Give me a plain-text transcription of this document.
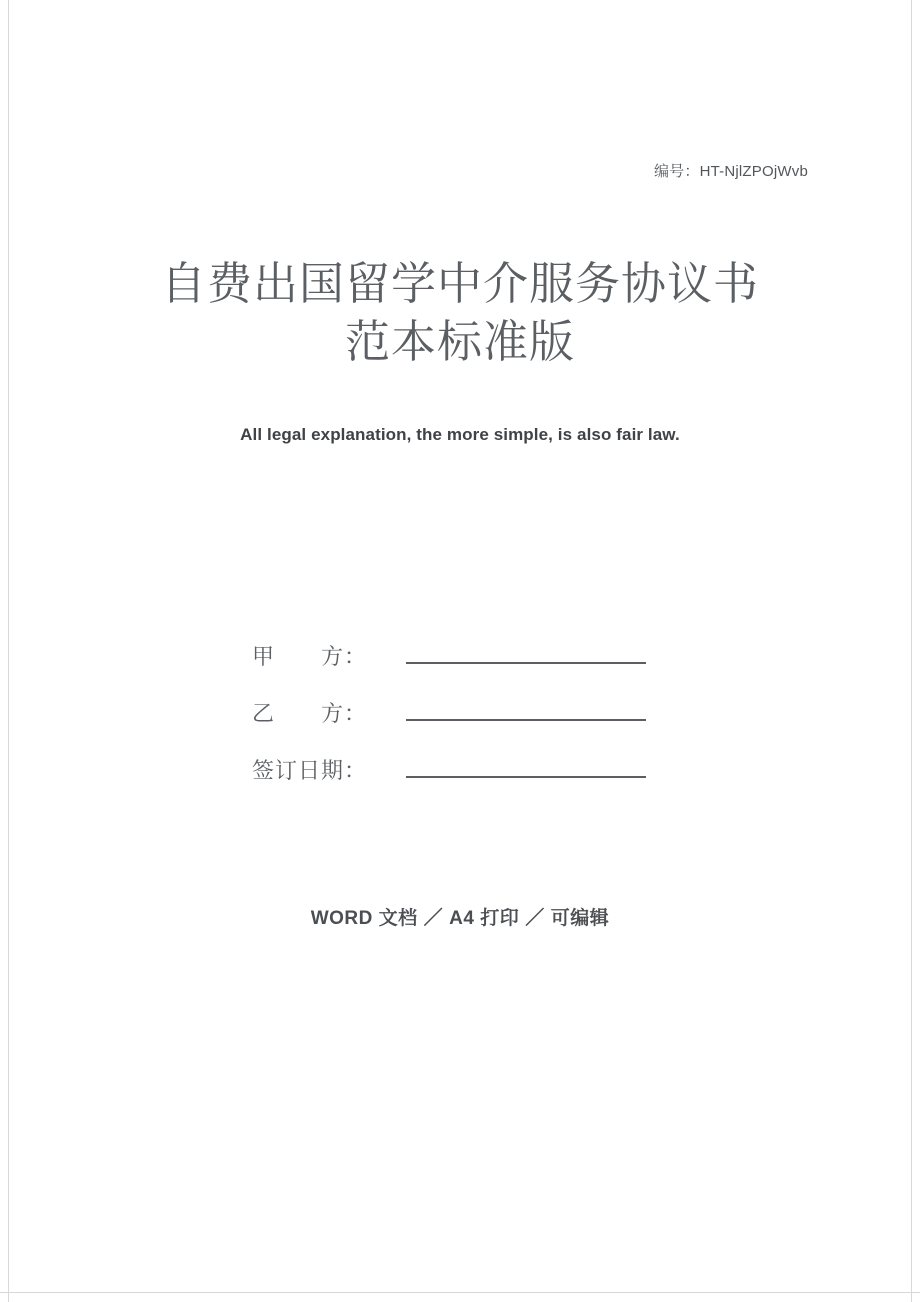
编号：HT-NjlZPOjWvb
自费出国留学中介服务协议书
范本标准版
All legal explanation, the more simple, is also fair law.
甲　　方：
乙　　方：
签订日期：
WORD 文档 ／ A4 打印 ／ 可编辑
